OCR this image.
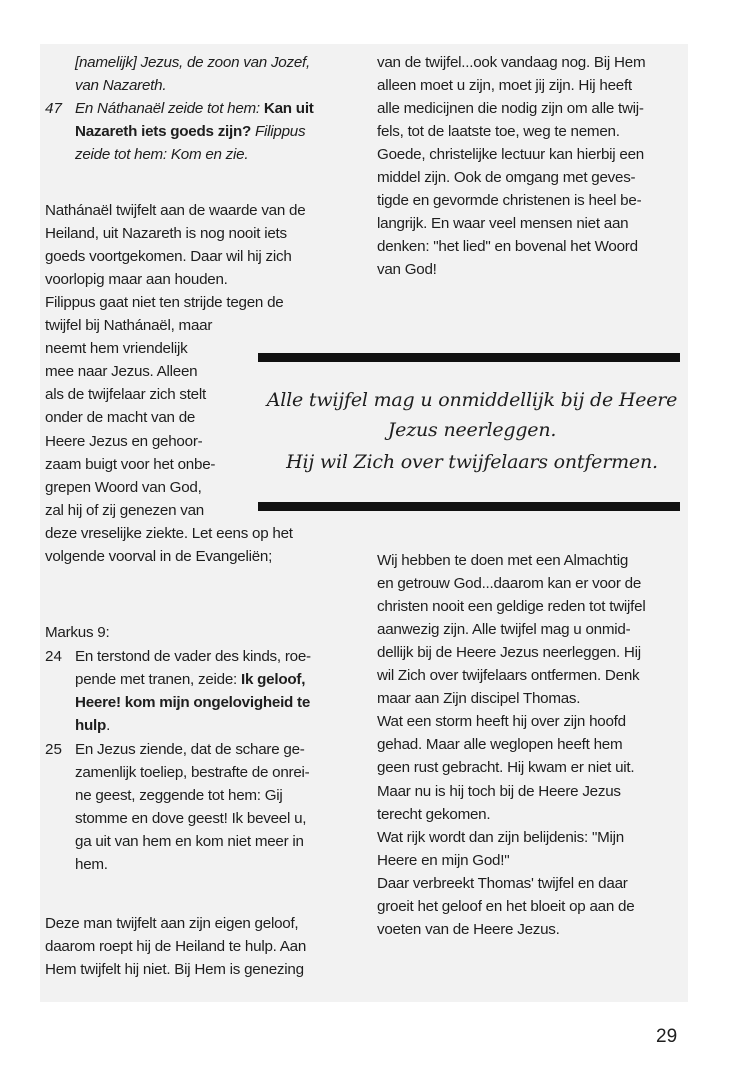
[namelijk] Jezus, de zoon van Jozef,
van Nazareth.
47 En Náthanaël zeide tot hem: Kan uit
Nazareth iets goeds zijn? Filippus
zeide tot hem: Kom en zie.
Nathánaël twijfelt aan de waarde van de
Heiland, uit Nazareth is nog nooit iets
goeds voortgekomen. Daar wil hij zich
voorlopig maar aan houden.
Filippus gaat niet ten strijde tegen de
twijfel bij Nathánaël, maar
neemt hem vriendelijk
mee naar Jezus. Alleen
als de twijfelaar zich stelt
onder de macht van de
Heere Jezus en gehoor-
zaam buigt voor het onbe-
grepen Woord van God,
zal hij of zij genezen van
deze vreselijke ziekte. Let eens op het
volgende voorval in de Evangeliën;
van de twijfel...ook vandaag nog. Bij Hem
alleen moet u zijn, moet jij zijn. Hij heeft
alle medicijnen die nodig zijn om alle twij-
fels, tot de laatste toe, weg te nemen.
Goede, christelijke lectuur kan hierbij een
middel zijn. Ook de omgang met geves-
tigde en gevormde christenen is heel be-
langrijk. En waar veel mensen niet aan
denken: "het lied" en bovenal het Woord
van God!
Alle twijfel mag u onmiddellijk bij de Heere
Jezus neerleggen.
Hij wil Zich over twijfelaars ontfermen.
Markus 9:
24 En terstond de vader des kinds, roe-
pende met tranen, zeide: Ik geloof,
Heere! kom mijn ongelovigheid te
hulp.
25 En Jezus ziende, dat de schare ge-
zamenlijk toeliep, bestrafte de onrei-
ne geest, zeggende tot hem: Gij
stomme en dove geest! Ik beveel u,
ga uit van hem en kom niet meer in
hem.
Deze man twijfelt aan zijn eigen geloof,
daarom roept hij de Heiland te hulp. Aan
Hem twijfelt hij niet. Bij Hem is genezing
Wij hebben te doen met een Almachtig
en getrouw God...daarom kan er voor de
christen nooit een geldige reden tot twijfel
aanwezig zijn. Alle twijfel mag u onmid-
dellijk bij de Heere Jezus neerleggen. Hij
wil Zich over twijfelaars ontfermen. Denk
maar aan Zijn discipel Thomas.
Wat een storm heeft hij over zijn hoofd
gehad. Maar alle weglopen heeft hem
geen rust gebracht. Hij kwam er niet uit.
Maar nu is hij toch bij de Heere Jezus
terecht gekomen.
Wat rijk wordt dan zijn belijdenis: "Mijn
Heere en mijn God!"
Daar verbreekt Thomas' twijfel en daar
groeit het geloof en het bloeit op aan de
voeten van de Heere Jezus.
29
